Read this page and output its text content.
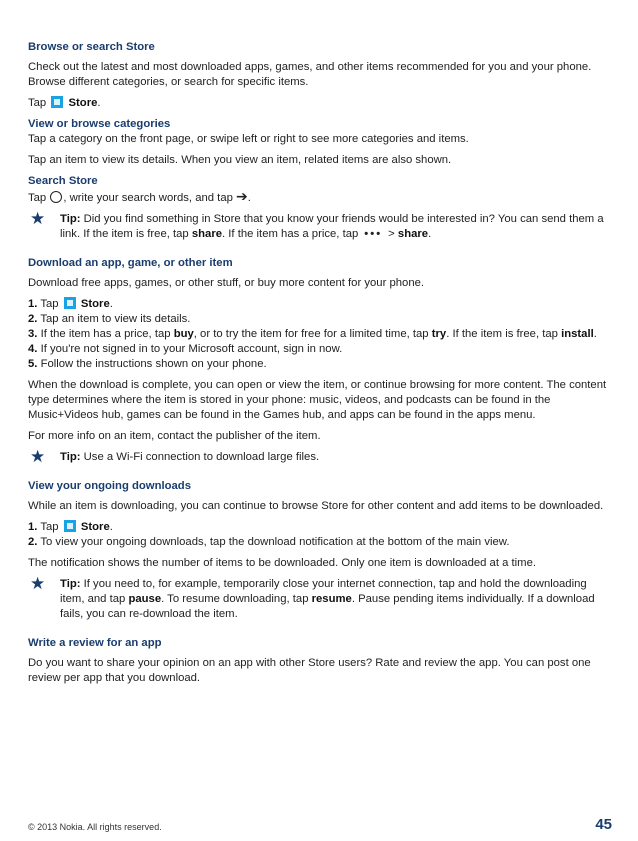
Browse or search Store

Check out the latest and most downloaded apps, games, and other items recommended for you and your phone. Browse different categories, or search for specific items.

Tap Store.

View or browse categories

Tap a category on the front page, or swipe left or right to see more categories and items.

Tap an item to view its details. When you view an item, related items are also shown.

Search Store

Tap , write your search words, and tap ➔.

★ Tip: Did you find something in Store that you know your friends would be interested in? You can send them a link. If the item is free, tap share. If the item has a price, tap ••• > share.

Download an app, game, or other item

Download free apps, games, or other stuff, or buy more content for your phone.

1. Tap Store.

2. Tap an item to view its details.

3. If the item has a price, tap buy, or to try the item for free for a limited time, tap try. If the item is free, tap install.

4. If you're not signed in to your Microsoft account, sign in now.

5. Follow the instructions shown on your phone.

When the download is complete, you can open or view the item, or continue browsing for more content. The content type determines where the item is stored in your phone: music, videos, and podcasts can be found in the Music+Videos hub, games can be found in the Games hub, and apps can be found in the apps menu.

For more info on an item, contact the publisher of the item.

★ Tip: Use a Wi-Fi connection to download large files.

View your ongoing downloads

While an item is downloading, you can continue to browse Store for other content and add items to be downloaded.

1. Tap Store.

2. To view your ongoing downloads, tap the download notification at the bottom of the main view.

The notification shows the number of items to be downloaded. Only one item is downloaded at a time.

★ Tip: If you need to, for example, temporarily close your internet connection, tap and hold the downloading item, and tap pause. To resume downloading, tap resume. Pause pending items individually. If a download fails, you can re-download the item.

Write a review for an app

Do you want to share your opinion on an app with other Store users? Rate and review the app. You can post one review per app that you download.

© 2013 Nokia. All rights reserved.	45
